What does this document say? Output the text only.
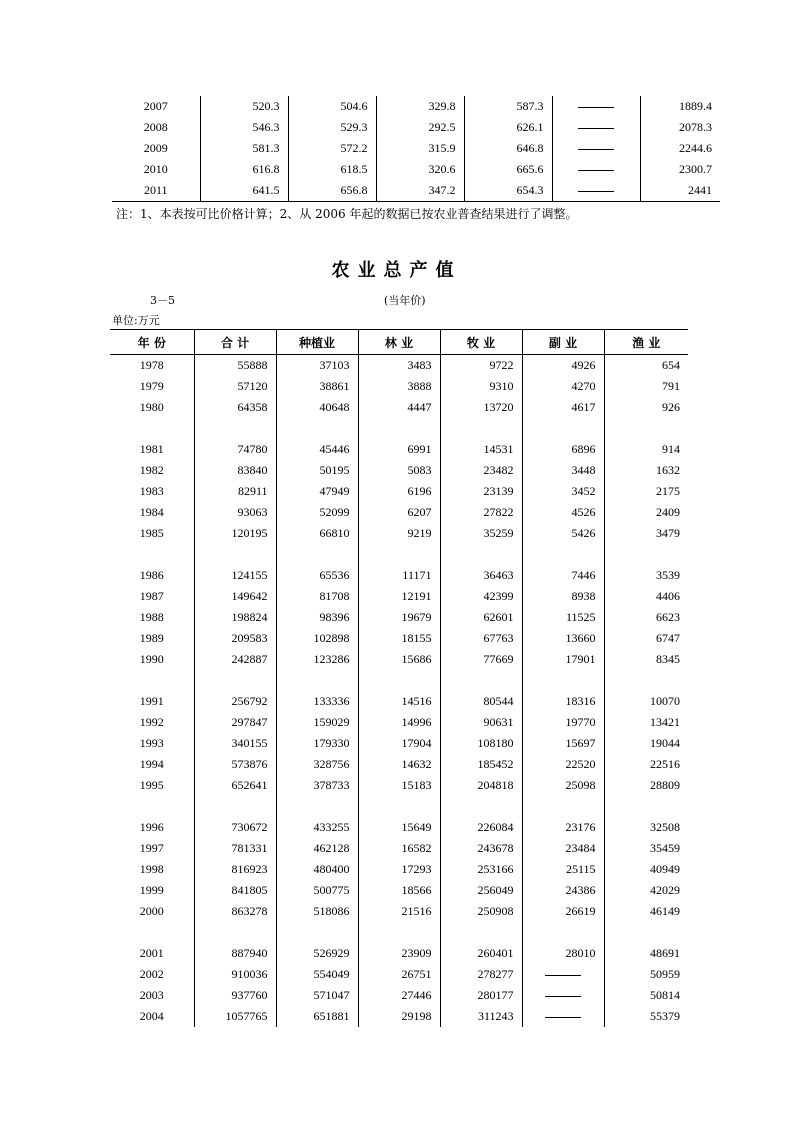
2007	520.3	504.6	329.8	587.3		1889.4
2008	546.3	529.3	292.5	626.1		2078.3
2009	581.3	572.2	315.9	646.8		2244.6
2010	616.8	618.5	320.6	665.6		2300.7
2011	641.5	656.8	347.2	654.3		2441
注：1、本表按可比价格计算；2、从 2006 年起的数据已按农业普查结果进行了调整。
农业总产值
3－5	(当年价)
单位:万元
年 份	合 计	种植业	林 业	牧 业	副 业	渔 业
1978	55888	37103	3483	9722	4926	654
1979	57120	38861	3888	9310	4270	791
1980	64358	40648	4447	13720	4617	926

1981	74780	45446	6991	14531	6896	914
1982	83840	50195	5083	23482	3448	1632
1983	82911	47949	6196	23139	3452	2175
1984	93063	52099	6207	27822	4526	2409
1985	120195	66810	9219	35259	5426	3479

1986	124155	65536	11171	36463	7446	3539
1987	149642	81708	12191	42399	8938	4406
1988	198824	98396	19679	62601	11525	6623
1989	209583	102898	18155	67763	13660	6747
1990	242887	123286	15686	77669	17901	8345

1991	256792	133336	14516	80544	18316	10070
1992	297847	159029	14996	90631	19770	13421
1993	340155	179330	17904	108180	15697	19044
1994	573876	328756	14632	185452	22520	22516
1995	652641	378733	15183	204818	25098	28809

1996	730672	433255	15649	226084	23176	32508
1997	781331	462128	16582	243678	23484	35459
1998	816923	480400	17293	253166	25115	40949
1999	841805	500775	18566	256049	24386	42029
2000	863278	518086	21516	250908	26619	46149

2001	887940	526929	23909	260401	28010	48691
2002	910036	554049	26751	278277		50959
2003	937760	571047	27446	280177		50814
2004	1057765	651881	29198	311243		55379
